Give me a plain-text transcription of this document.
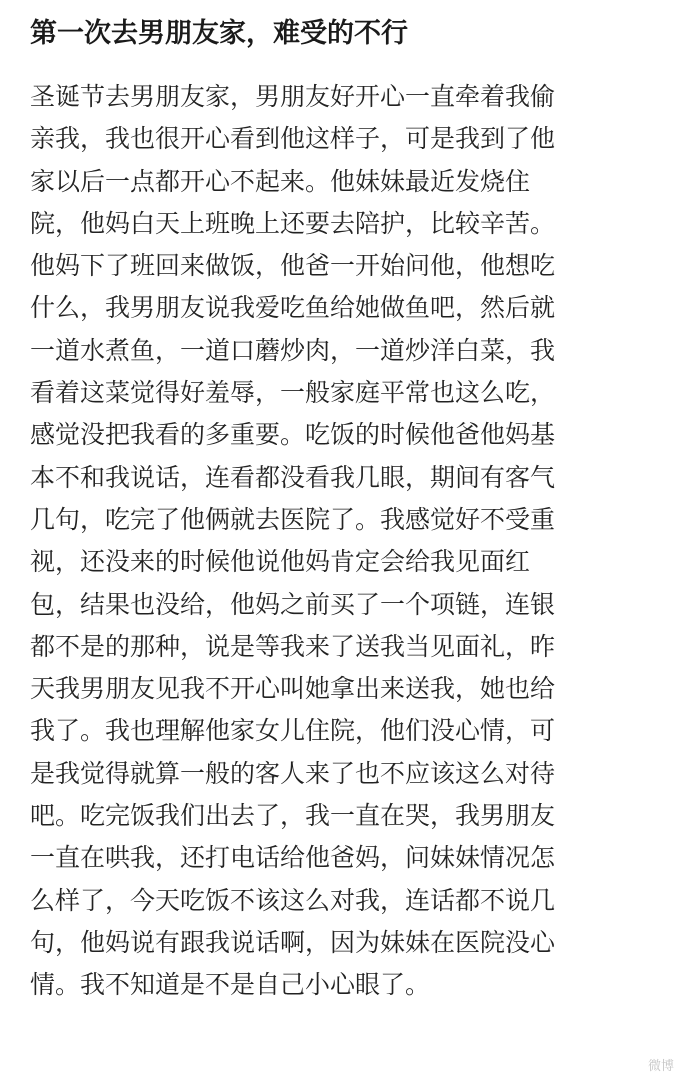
第一次去男朋友家，难受的不行
圣诞节去男朋友家，男朋友好开心一直牵着我偷
亲我，我也很开心看到他这样子，可是我到了他
家以后一点都开心不起来。他妹妹最近发烧住
院，他妈白天上班晚上还要去陪护，比较辛苦。
他妈下了班回来做饭，他爸一开始问他，他想吃
什么，我男朋友说我爱吃鱼给她做鱼吧，然后就
一道水煮鱼，一道口蘑炒肉，一道炒洋白菜，我
看着这菜觉得好羞辱，一般家庭平常也这么吃，
感觉没把我看的多重要。吃饭的时候他爸他妈基
本不和我说话，连看都没看我几眼，期间有客气
几句，吃完了他俩就去医院了。我感觉好不受重
视，还没来的时候他说他妈肯定会给我见面红
包，结果也没给，他妈之前买了一个项链，连银
都不是的那种，说是等我来了送我当见面礼，昨
天我男朋友见我不开心叫她拿出来送我，她也给
我了。我也理解他家女儿住院，他们没心情，可
是我觉得就算一般的客人来了也不应该这么对待
吧。吃完饭我们出去了，我一直在哭，我男朋友
一直在哄我，还打电话给他爸妈，问妹妹情况怎
么样了，今天吃饭不该这么对我，连话都不说几
句，他妈说有跟我说话啊，因为妹妹在医院没心
情。我不知道是不是自己小心眼了。
微博
